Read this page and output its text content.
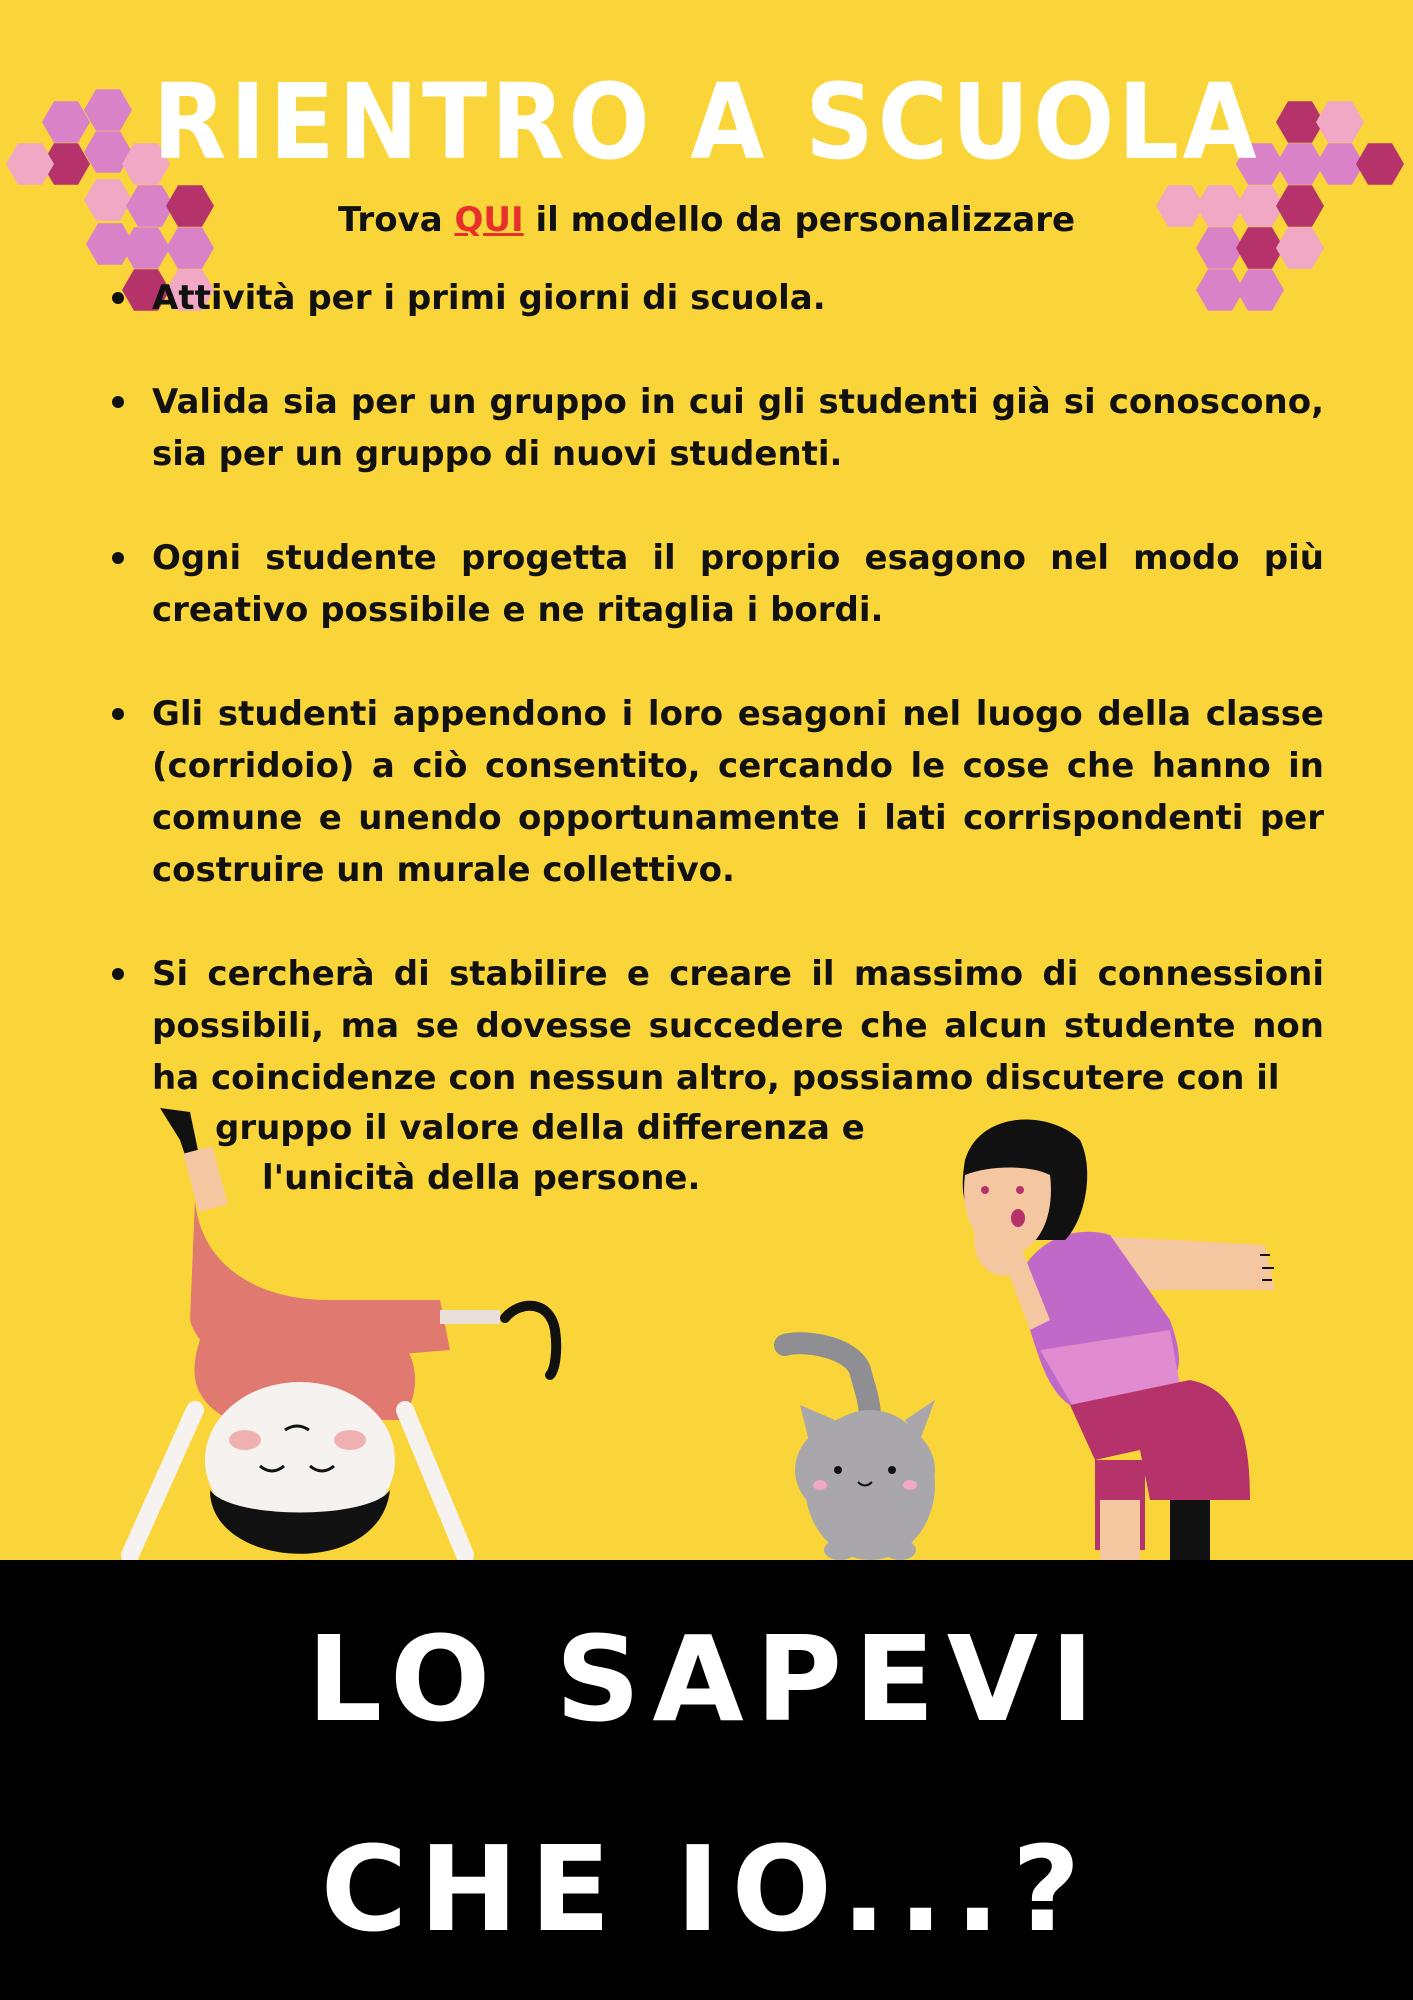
RIENTRO A SCUOLA
Trova QUI il modello da personalizzare
Attività per i primi giorni di scuola.
Valida sia per un gruppo in cui gli studenti già si conoscono, sia per un gruppo di nuovi studenti.
Ogni studente progetta il proprio esagono nel modo più creativo possibile e ne ritaglia i bordi.
Gli studenti appendono i loro esagoni nel luogo della classe (corridoio) a ciò consentito, cercando le cose che hanno in comune e unendo opportunamente i lati corrispondenti per costruire un murale collettivo.
Si cercherà di stabilire e creare il massimo di connessioni possibili, ma se dovesse succedere che alcun studente non ha coincidenze con nessun altro, possiamo discutere con il
gruppo il valore della differenza e
l'unicità della persone.
LO SAPEVI
CHE IO...?
